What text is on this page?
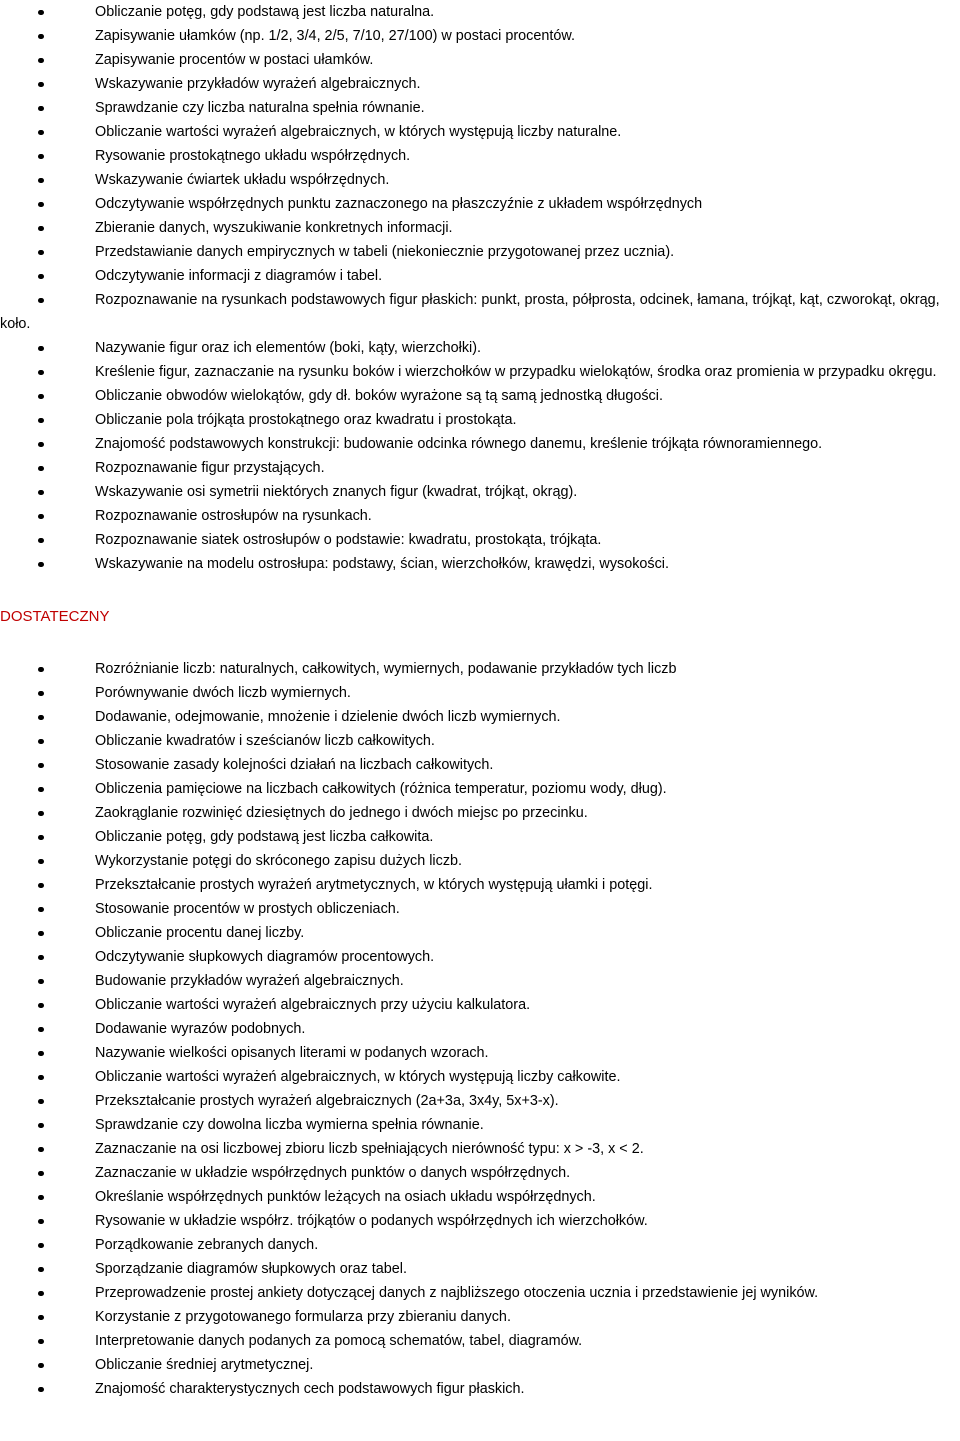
Obliczanie potęg, gdy podstawą jest liczba naturalna.
Zapisywanie ułamków (np. 1/2, 3/4, 2/5, 7/10, 27/100) w postaci procentów.
Zapisywanie procentów w postaci ułamków.
Wskazywanie przykładów wyrażeń algebraicznych.
Sprawdzanie czy liczba naturalna spełnia równanie.
Obliczanie wartości wyrażeń algebraicznych, w których występują liczby naturalne.
Rysowanie prostokątnego układu współrzędnych.
Wskazywanie ćwiartek układu współrzędnych.
Odczytywanie współrzędnych punktu zaznaczonego na płaszczyźnie z układem współrzędnych
Zbieranie danych, wyszukiwanie konkretnych informacji.
Przedstawianie danych empirycznych w tabeli (niekoniecznie przygotowanej przez ucznia).
Odczytywanie informacji z diagramów i tabel.
Rozpoznawanie na rysunkach podstawowych figur płaskich: punkt, prosta, półprosta, odcinek, łamana, trójkąt, kąt, czworokąt, okrąg, koło.
Nazywanie figur oraz ich elementów (boki, kąty, wierzchołki).
Kreślenie figur, zaznaczanie na rysunku boków i wierzchołków w przypadku wielokątów, środka oraz promienia w przypadku okręgu.
Obliczanie obwodów wielokątów, gdy dł. boków wyrażone są tą samą jednostką długości.
Obliczanie pola trójkąta prostokątnego oraz kwadratu i prostokąta.
Znajomość podstawowych konstrukcji: budowanie odcinka równego danemu, kreślenie trójkąta równoramiennego.
Rozpoznawanie figur przystających.
Wskazywanie osi symetrii niektórych znanych figur (kwadrat, trójkąt, okrąg).
Rozpoznawanie ostrosłupów na rysunkach.
Rozpoznawanie siatek ostrosłupów o podstawie: kwadratu, prostokąta, trójkąta.
Wskazywanie na modelu ostrosłupa: podstawy, ścian, wierzchołków, krawędzi, wysokości.
DOSTATECZNY
Rozróżnianie liczb: naturalnych, całkowitych, wymiernych, podawanie przykładów tych liczb
Porównywanie dwóch liczb wymiernych.
Dodawanie, odejmowanie, mnożenie i dzielenie dwóch liczb wymiernych.
Obliczanie kwadratów i sześcianów liczb całkowitych.
Stosowanie zasady kolejności działań na liczbach całkowitych.
Obliczenia pamięciowe na liczbach całkowitych (różnica temperatur, poziomu wody, dług).
Zaokrąglanie rozwinięć dziesiętnych do jednego i dwóch miejsc po przecinku.
Obliczanie potęg, gdy podstawą jest liczba całkowita.
Wykorzystanie potęgi do skróconego zapisu dużych liczb.
Przekształcanie prostych wyrażeń arytmetycznych, w których występują ułamki i potęgi.
Stosowanie procentów w prostych obliczeniach.
Obliczanie procentu danej liczby.
Odczytywanie słupkowych diagramów procentowych.
Budowanie przykładów wyrażeń algebraicznych.
Obliczanie wartości wyrażeń algebraicznych przy użyciu kalkulatora.
Dodawanie wyrazów podobnych.
Nazywanie wielkości opisanych literami w podanych wzorach.
Obliczanie wartości wyrażeń algebraicznych, w których występują liczby całkowite.
Przekształcanie prostych wyrażeń algebraicznych (2a+3a, 3x4y, 5x+3-x).
Sprawdzanie czy dowolna liczba wymierna spełnia równanie.
Zaznaczanie na osi liczbowej zbioru liczb spełniających nierówność typu: x > -3, x < 2.
Zaznaczanie w układzie współrzędnych punktów o danych współrzędnych.
Określanie współrzędnych punktów leżących na osiach układu współrzędnych.
Rysowanie w układzie współrz. trójkątów o podanych współrzędnych ich wierzchołków.
Porządkowanie zebranych danych.
Sporządzanie diagramów słupkowych oraz tabel.
Przeprowadzenie prostej ankiety dotyczącej danych z najbliższego otoczenia ucznia i przedstawienie jej wyników.
Korzystanie z przygotowanego formularza przy zbieraniu danych.
Interpretowanie danych podanych za pomocą schematów, tabel, diagramów.
Obliczanie średniej arytmetycznej.
Znajomość charakterystycznych cech podstawowych figur płaskich.
